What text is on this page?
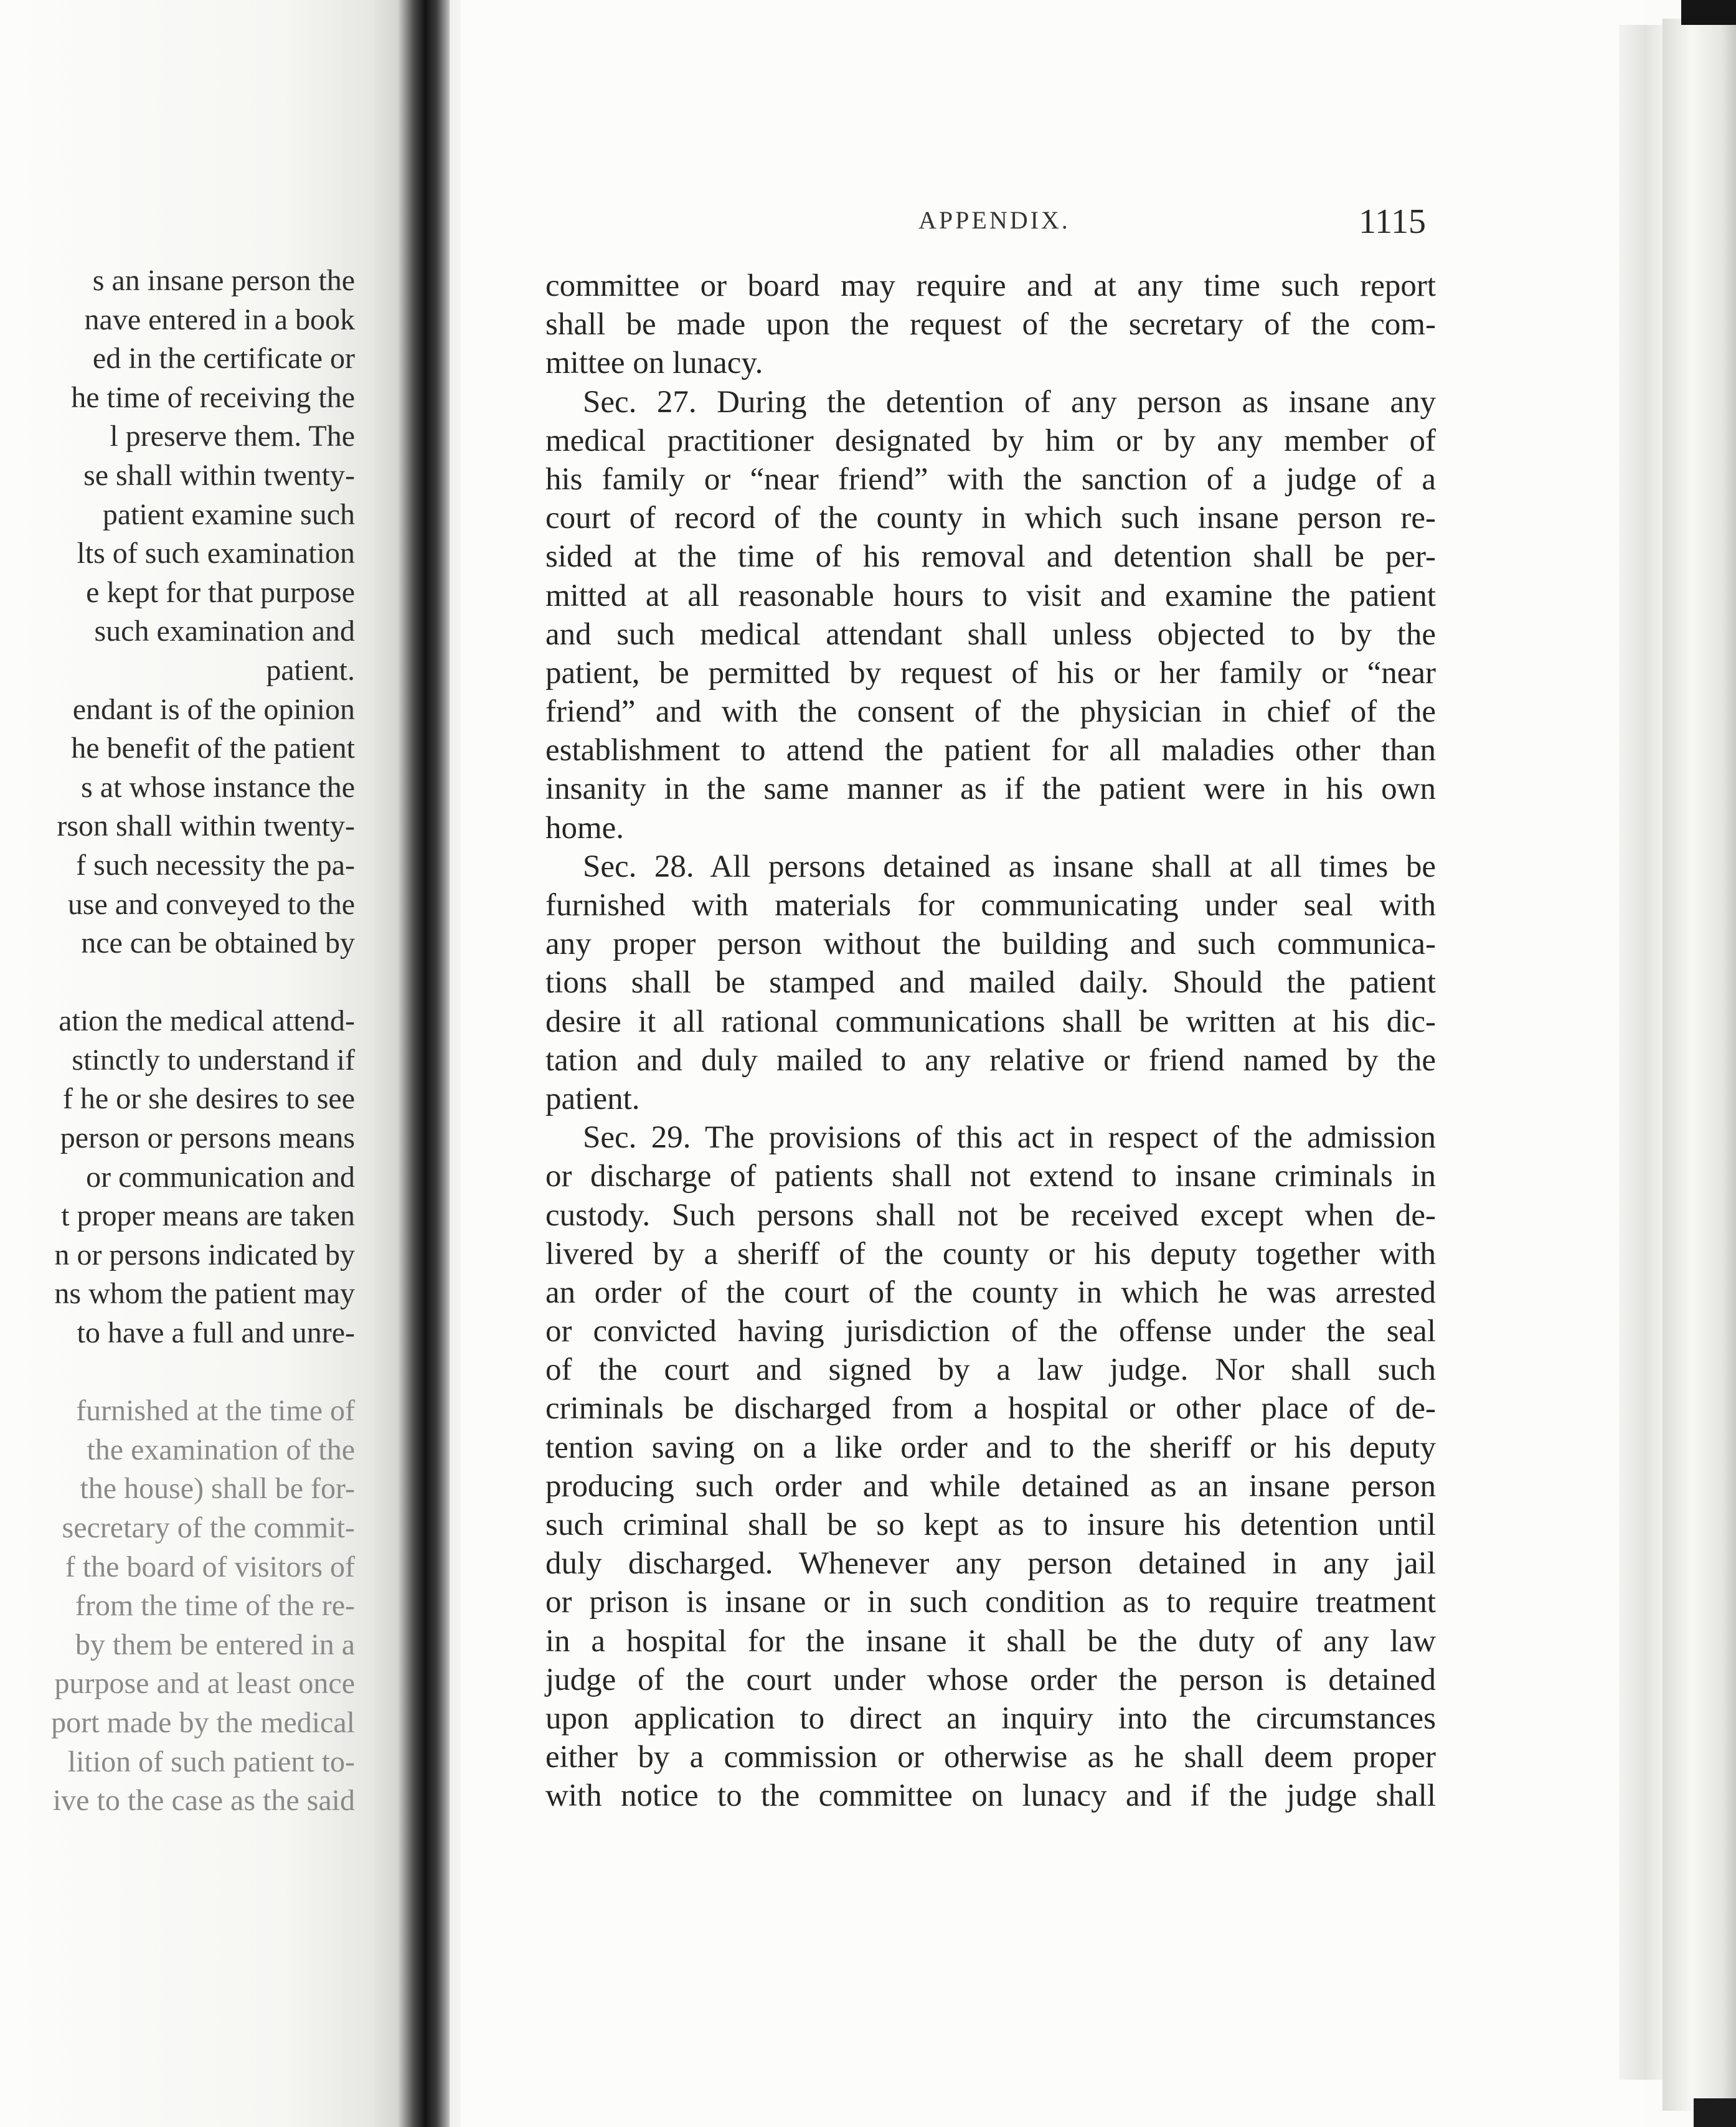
s an insane person the
nave entered in a book
ed in the certificate or
he time of receiving the
l preserve them. The
se shall within twenty-
patient examine such
lts of such examination
e kept for that purpose
such examination and
patient.
endant is of the opinion
he benefit of the patient
s at whose instance the
rson shall within twenty-
f such necessity the pa-
use and conveyed to the
nce can be obtained by
ation the medical attend-
stinctly to understand if
f he or she desires to see
person or persons means
or communication and
t proper means are taken
n or persons indicated by
ns whom the patient may
to have a full and unre-
furnished at the time of
the examination of the
the house) shall be for-
secretary of the commit-
f the board of visitors of
from the time of the re-
by them be entered in a
purpose and at least once
port made by the medical
lition of such patient to-
ive to the case as the said
APPENDIX.	1115
committee or board may require and at any time such report
shall be made upon the request of the secretary of the com-
mittee on lunacy.
Sec. 27. During the detention of any person as insane any
medical practitioner designated by him or by any member of
his family or “near friend” with the sanction of a judge of a
court of record of the county in which such insane person re-
sided at the time of his removal and detention shall be per-
mitted at all reasonable hours to visit and examine the patient
and such medical attendant shall unless objected to by the
patient, be permitted by request of his or her family or “near
friend” and with the consent of the physician in chief of the
establishment to attend the patient for all maladies other than
insanity in the same manner as if the patient were in his own
home.
Sec. 28. All persons detained as insane shall at all times be
furnished with materials for communicating under seal with
any proper person without the building and such communica-
tions shall be stamped and mailed daily. Should the patient
desire it all rational communications shall be written at his dic-
tation and duly mailed to any relative or friend named by the
patient.
Sec. 29. The provisions of this act in respect of the admission
or discharge of patients shall not extend to insane criminals in
custody. Such persons shall not be received except when de-
livered by a sheriff of the county or his deputy together with
an order of the court of the county in which he was arrested
or convicted having jurisdiction of the offense under the seal
of the court and signed by a law judge. Nor shall such
criminals be discharged from a hospital or other place of de-
tention saving on a like order and to the sheriff or his deputy
producing such order and while detained as an insane person
such criminal shall be so kept as to insure his detention until
duly discharged. Whenever any person detained in any jail
or prison is insane or in such condition as to require treatment
in a hospital for the insane it shall be the duty of any law
judge of the court under whose order the person is detained
upon application to direct an inquiry into the circumstances
either by a commission or otherwise as he shall deem proper
with notice to the committee on lunacy and if the judge shall
